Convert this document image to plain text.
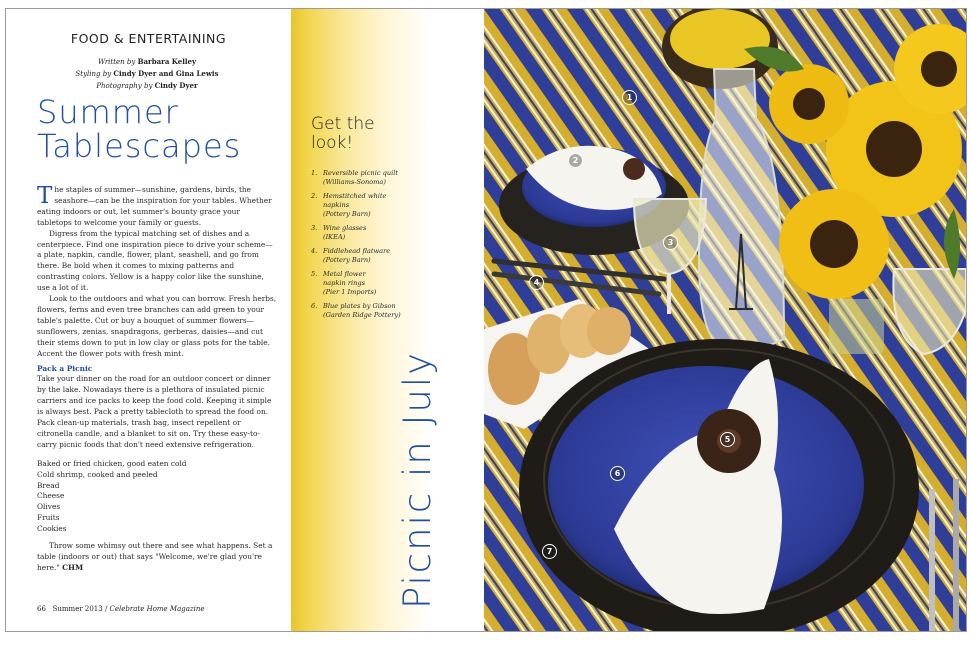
FOOD & ENTERTAINING
Written by Barbara Kelley
Styling by Cindy Dyer and Gina Lewis
Photography by Cindy Dyer
Summer
Tablescapes

The staples of summer—sunshine, gardens, birds, the seashore—can be the inspiration for your tables. Whether eating indoors or out, let summer's bounty grace your tabletops to welcome your family or guests.

Digress from the typical matching set of dishes and a centerpiece. Find one inspiration piece to drive your scheme—a plate, napkin, candle, flower, plant, seashell, and go from there. Be bold when it comes to mixing patterns and contrasting colors. Yellow is a happy color like the sunshine, use a lot of it.

Look to the outdoors and what you can borrow. Fresh herbs, flowers, ferns and even tree branches can add green to your table's palette. Cut or buy a bouquet of summer flowers—sunflowers, zenias, snapdragons, gerberas, daisies—and cut their stems down to put in low clay or glass pots for the table. Accent the flower pots with fresh mint.

Pack a Picnic

Take your dinner on the road for an outdoor concert or dinner by the lake. Nowadays there is a plethora of insulated picnic carriers and ice packs to keep the food cold. Keeping it simple is always best. Pack a pretty tablecloth to spread the food on. Pack clean-up materials, trash bag, insect repellent or citronella candle, and a blanket to sit on. Try these easy-to-carry picnic foods that don't need extensive refrigeration.

Baked or fried chicken, good eaten cold
Cold shrimp, cooked and peeled
Bread
Cheese
Olives
Fruits
Cookies

Throw some whimsy out there and see what happens. Set a table (indoors or out) that says "Welcome, we're glad you're here." CHM

66 Summer 2013 / Celebrate Home Magazine
Get the
look!
1. Reversible picnic quilt
(Williams-Sonoma)
2. Hemstitched white
napkins
(Pottery Barn)
3. Wine glasses
(IKEA)
4. Fiddlehead flatware
(Pottery Barn)
5. Metal flower
napkin rings
(Pier 1 Imports)
6. Blue plates by Gibson
(Garden Ridge Pottery)
Picnic in July
1
2
3
4
5
6
7
